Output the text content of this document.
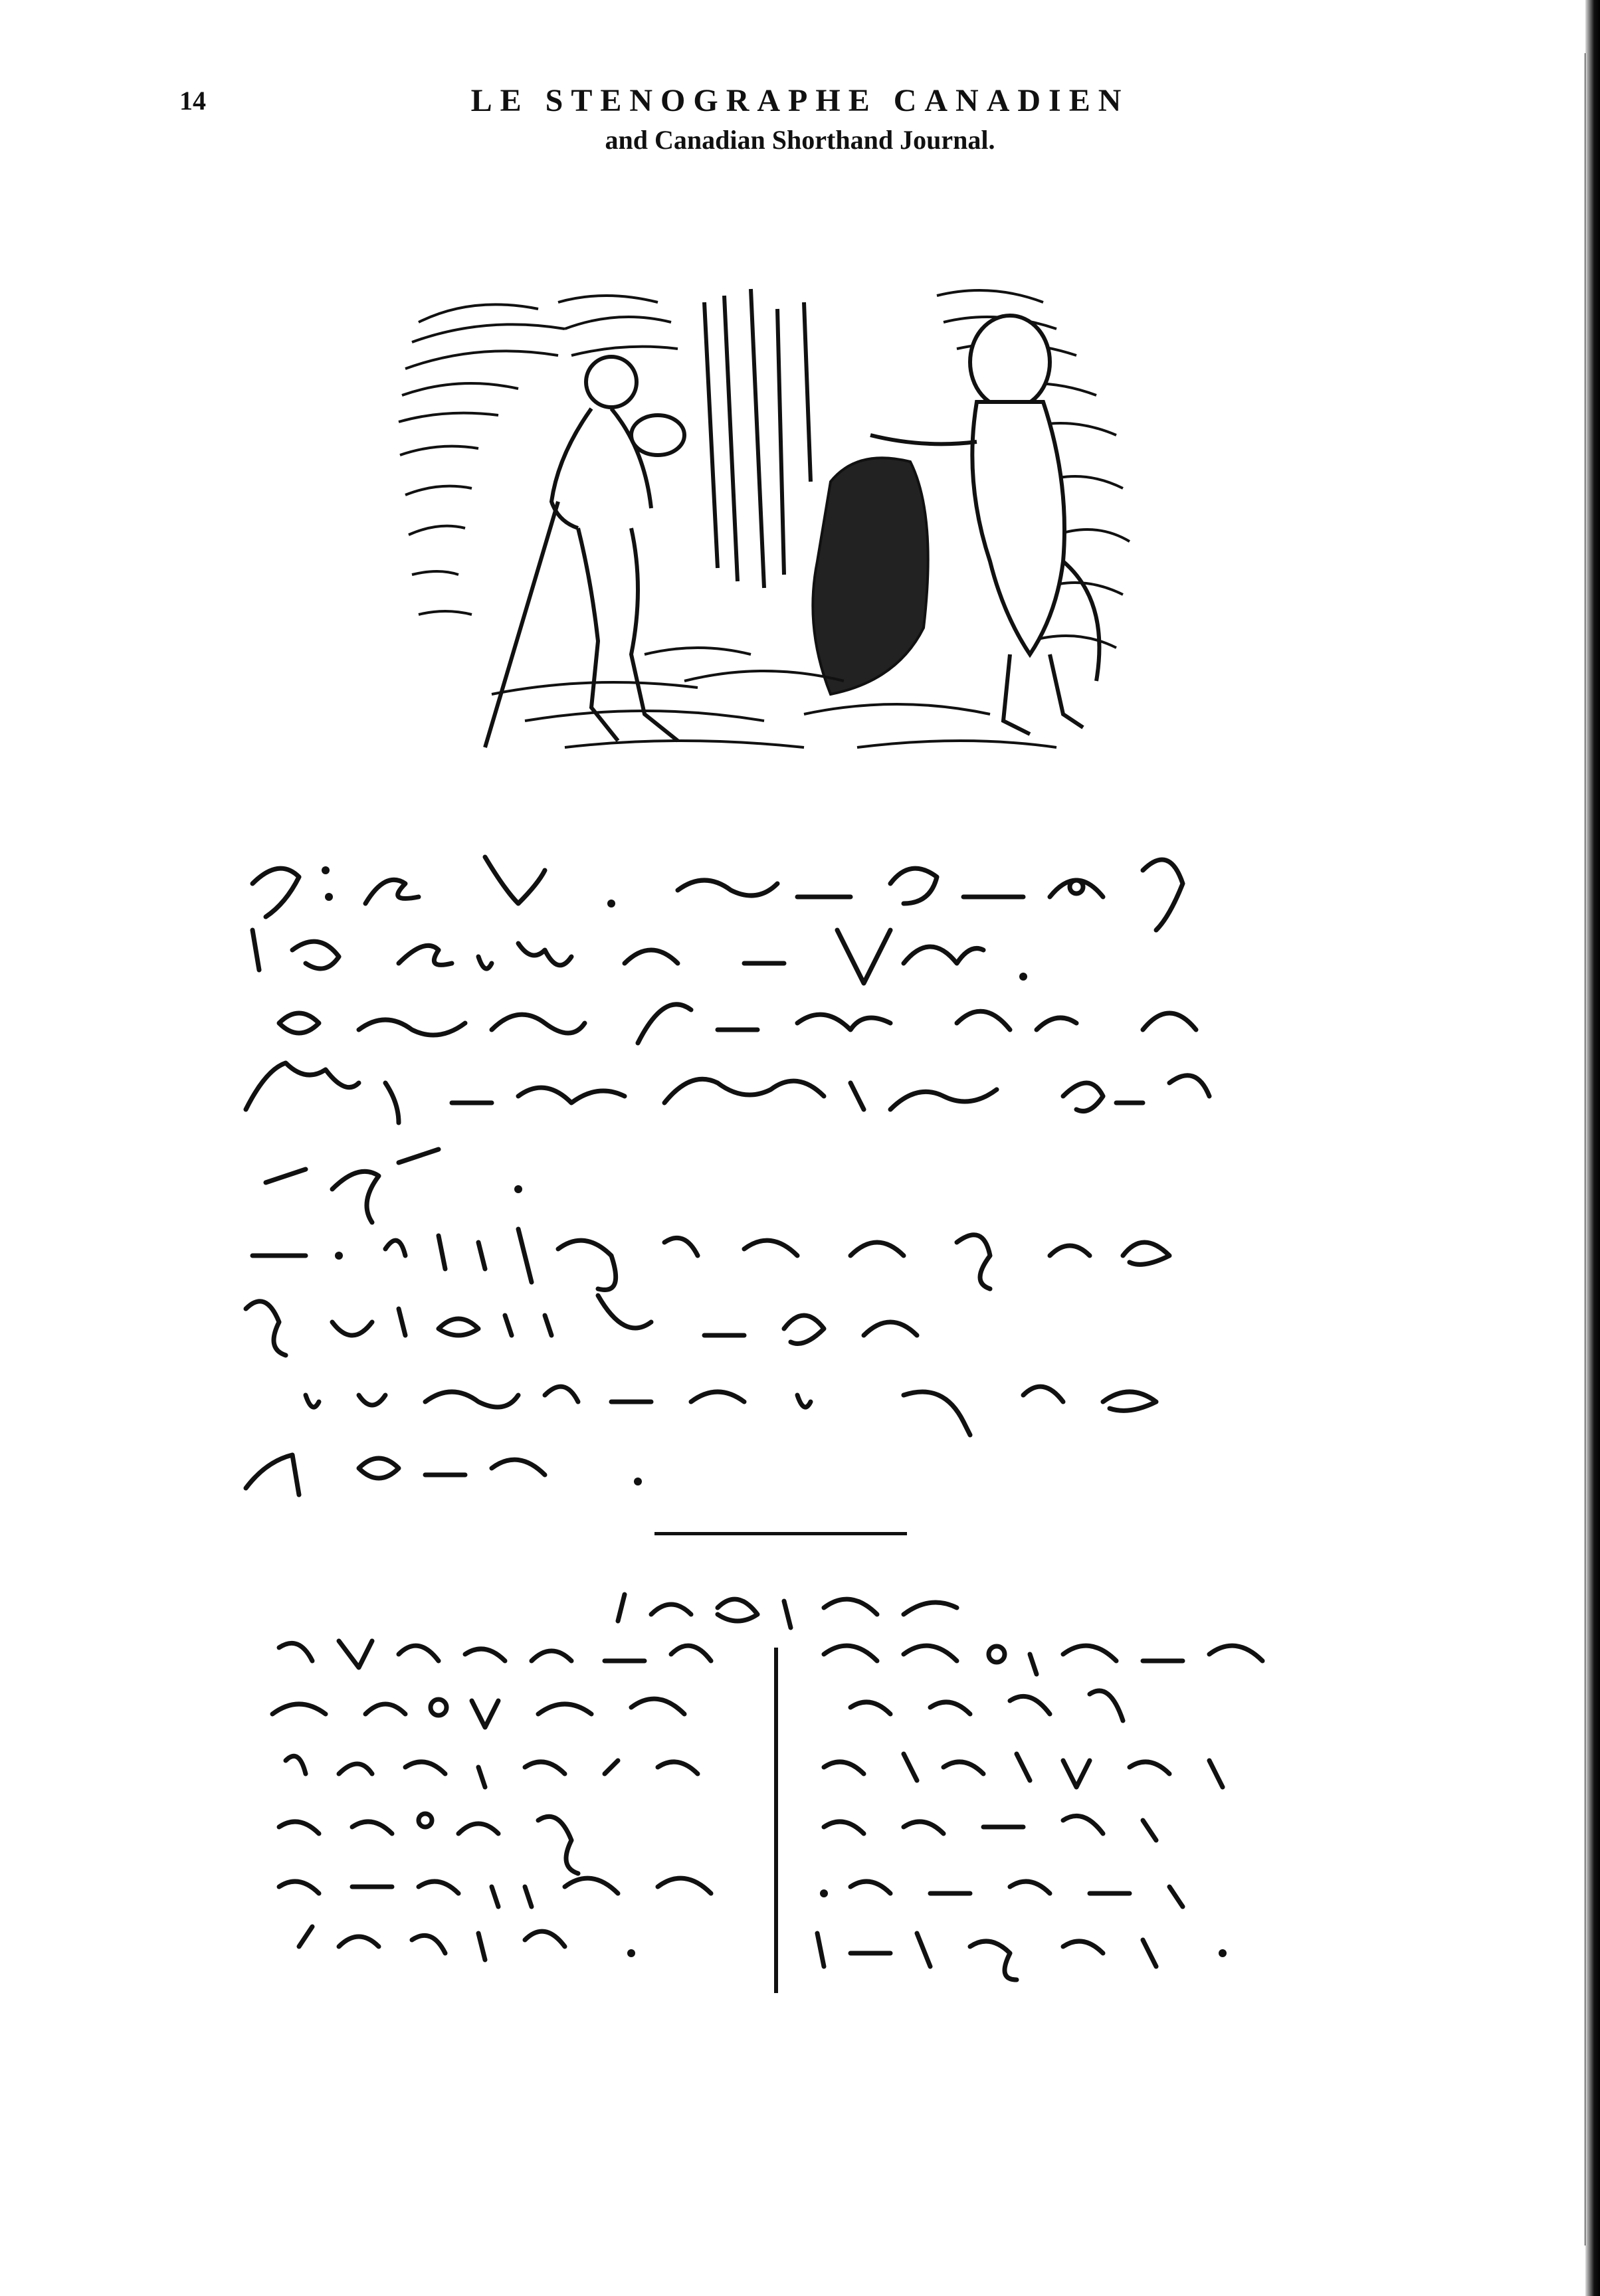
14	LE STENOGRAPHE CANADIEN
and Canadian Shorthand Journal.
